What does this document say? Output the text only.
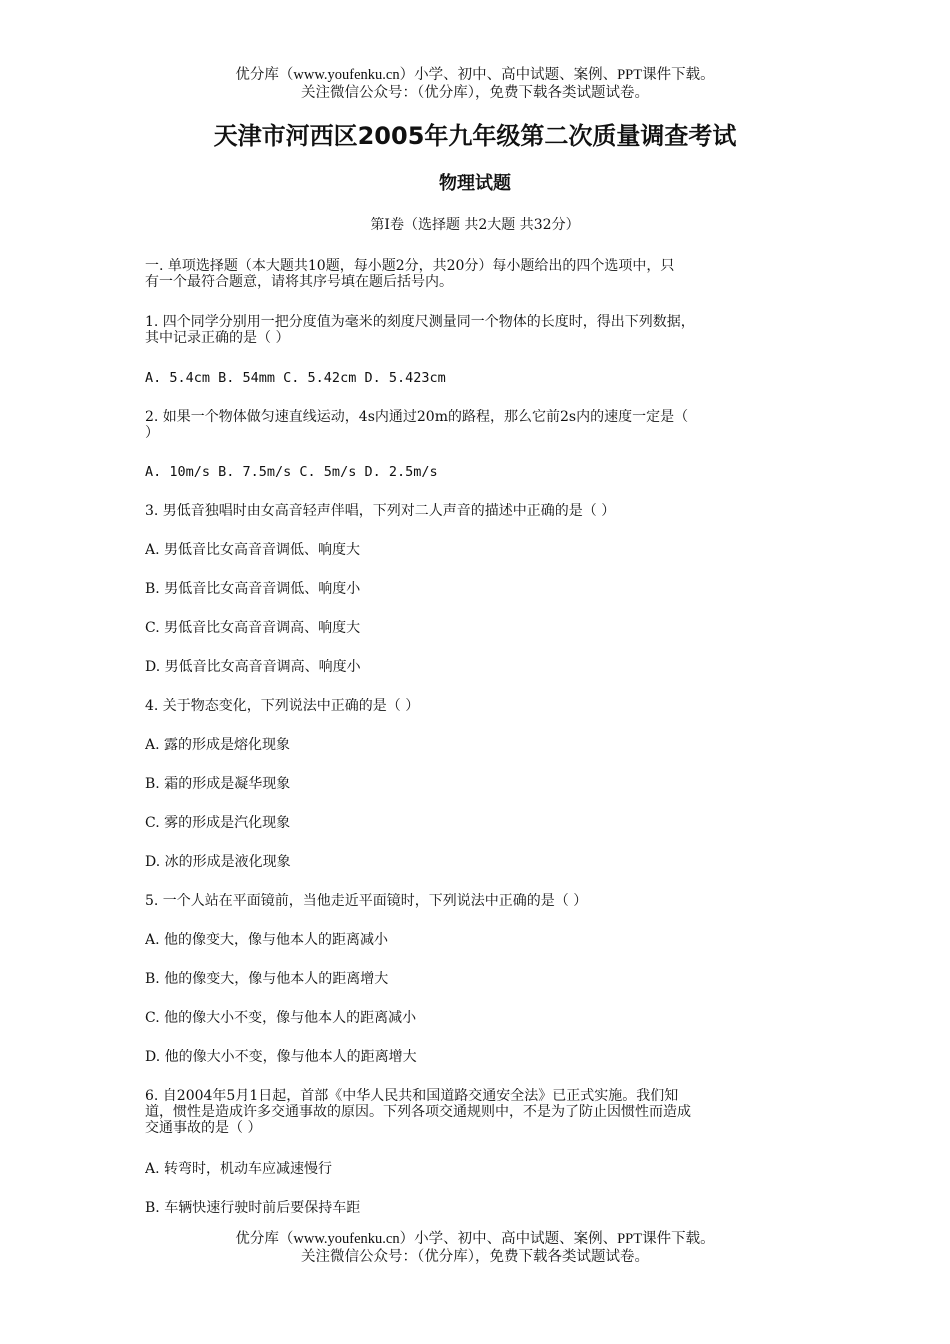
优分库（www.youfenku.cn）小学、初中、高中试题、案例、PPT课件下载。
关注微信公众号：（优分库），免费下载各类试题试卷。
天津市河西区2005年九年级第二次质量调查考试
物理试题
第I卷（选择题 共2大题 共32分）
一. 单项选择题（本大题共10题，每小题2分，共20分）每小题给出的四个选项中，只
有一个最符合题意，请将其序号填在题后括号内。
1. 四个同学分别用一把分度值为毫米的刻度尺测量同一个物体的长度时，得出下列数据，
其中记录正确的是（ ）
A. 5.4cm B. 54mm C. 5.42cm D. 5.423cm
2. 如果一个物体做匀速直线运动，4s内通过20m的路程，那么它前2s内的速度一定是（
）
A. 10m/s B. 7.5m/s C. 5m/s D. 2.5m/s
3. 男低音独唱时由女高音轻声伴唱，下列对二人声音的描述中正确的是（ ）
A. 男低音比女高音音调低、响度大
B. 男低音比女高音音调低、响度小
C. 男低音比女高音音调高、响度大
D. 男低音比女高音音调高、响度小
4. 关于物态变化，下列说法中正确的是（ ）
A. 露的形成是熔化现象
B. 霜的形成是凝华现象
C. 雾的形成是汽化现象
D. 冰的形成是液化现象
5. 一个人站在平面镜前，当他走近平面镜时，下列说法中正确的是（ ）
A. 他的像变大，像与他本人的距离减小
B. 他的像变大，像与他本人的距离增大
C. 他的像大小不变，像与他本人的距离减小
D. 他的像大小不变，像与他本人的距离增大
6. 自2004年5月1日起，首部《中华人民共和国道路交通安全法》已正式实施。我们知
道，惯性是造成许多交通事故的原因。下列各项交通规则中，不是为了防止因惯性而造成
交通事故的是（ ）
A. 转弯时，机动车应减速慢行
B. 车辆快速行驶时前后要保持车距
优分库（www.youfenku.cn）小学、初中、高中试题、案例、PPT课件下载。
关注微信公众号：（优分库），免费下载各类试题试卷。
